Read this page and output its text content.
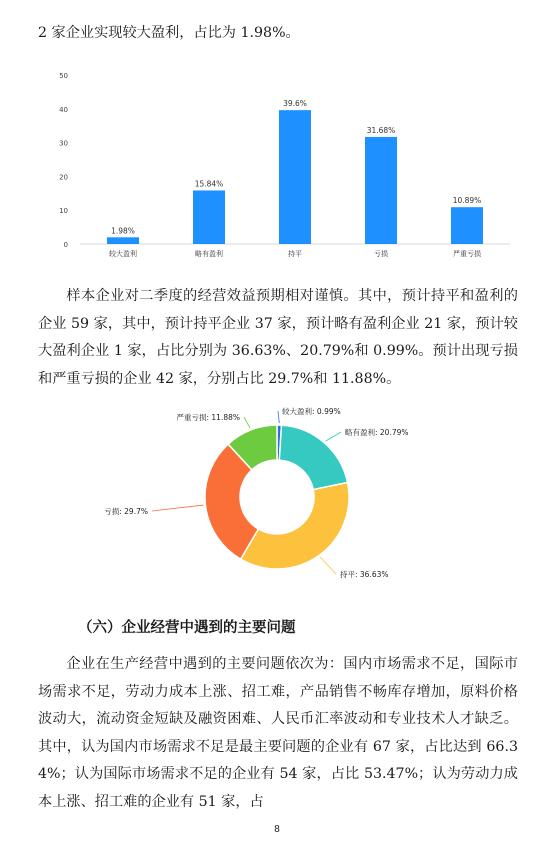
2 家企业实现较大盈利，占比为 1.98%。

0
10
20
30
40
50
1.98%
较大盈利
15.84%
略有盈利
39.6%
持平
31.68%
亏损
10.89%
严重亏损

样本企业对二季度的经营效益预期相对谨慎。其中，预计持平和盈利的企业 59 家，其中，预计持平企业 37 家，预计略有盈利企业 21 家，预计较大盈利企业 1 家，占比分别为 36.63%、20.79%和 0.99%。预计出现亏损和严重亏损的企业 42 家，分别占比 29.7%和 11.88%。

较大盈利: 0.99%
略有盈利: 20.79%
持平: 36.63%
亏损: 29.7%
严重亏损: 11.88%

（六）企业经营中遇到的主要问题

企业在生产经营中遇到的主要问题依次为：国内市场需求不足，国际市场需求不足，劳动力成本上涨、招工难，产品销售不畅库存增加，原料价格波动大，流动资金短缺及融资困难、人民币汇率波动和专业技术人才缺乏。其中，认为国内市场需求不足是最主要问题的企业有 67 家，占比达到 66.34%；认为国际市场需求不足的企业有 54 家，占比 53.47%；认为劳动力成本上涨、招工难的企业有 51 家，占

8
